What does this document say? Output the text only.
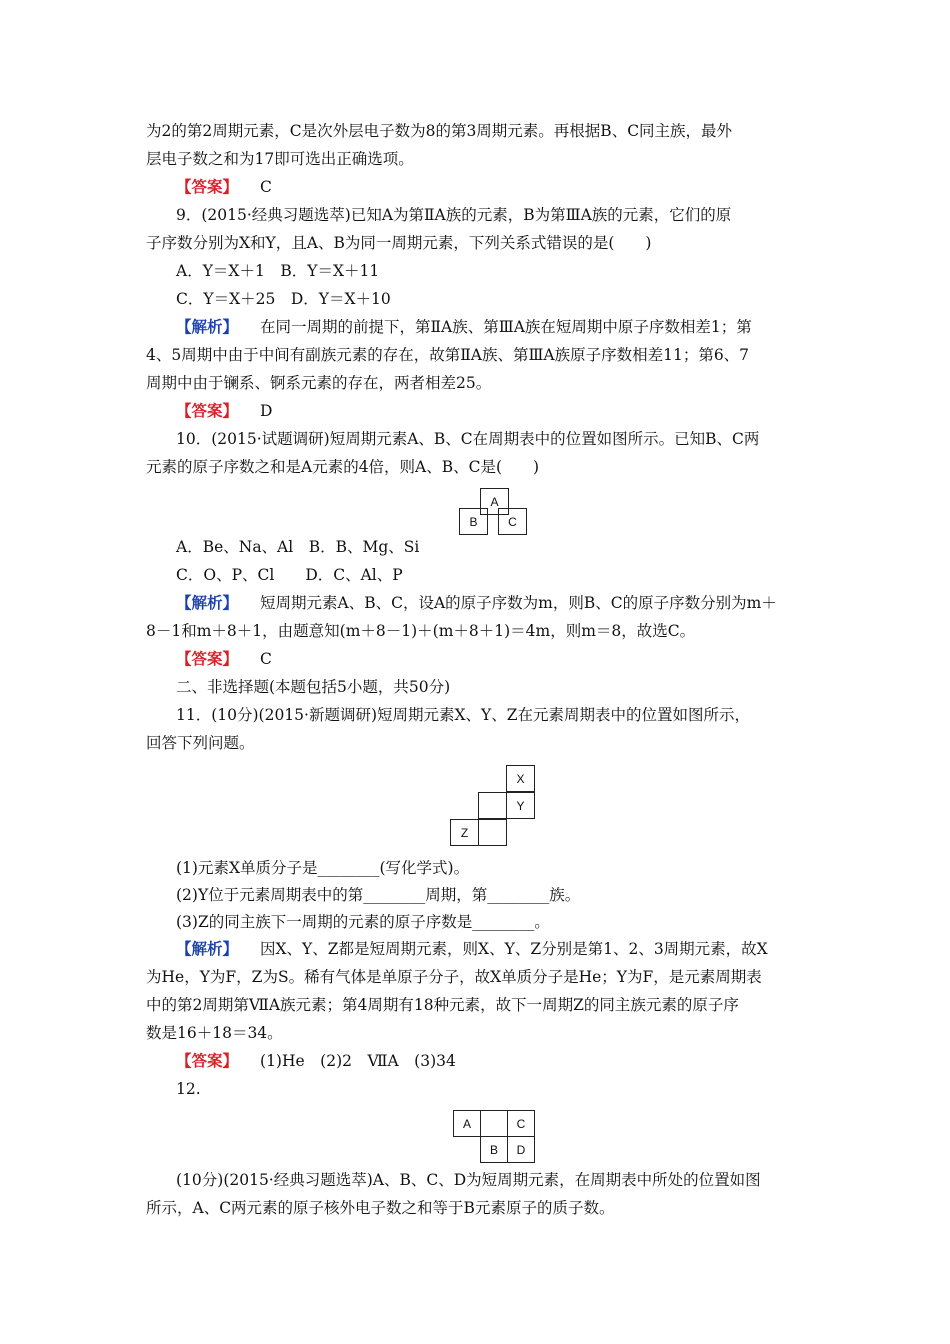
为2的第2周期元素，C是次外层电子数为8的第3周期元素。再根据B、C同主族，最外
层电子数之和为17即可选出正确选项。
【答案】 C
9．(2015·经典习题选萃)已知A为第ⅡA族的元素，B为第ⅢA族的元素，它们的原
子序数分别为X和Y，且A、B为同一周期元素，下列关系式错误的是(　　)
A．Y＝X＋1　B．Y＝X＋11
C．Y＝X＋25　D．Y＝X＋10
【解析】 在同一周期的前提下，第ⅡA族、第ⅢA族在短周期中原子序数相差1；第
4、5周期中由于中间有副族元素的存在，故第ⅡA族、第ⅢA族原子序数相差11；第6、7
周期中由于镧系、锕系元素的存在，两者相差25。
【答案】 D
10．(2015·试题调研)短周期元素A、B、C在周期表中的位置如图所示。已知B、C两
元素的原子序数之和是A元素的4倍，则A、B、C是(　　)
A
B	C
A．Be、Na、Al　B．B、Mg、Si
C．O、P、Cl　　D．C、Al、P
【解析】 短周期元素A、B、C，设A的原子序数为m，则B、C的原子序数分别为m＋
8－1和m＋8＋1，由题意知(m＋8－1)＋(m＋8＋1)＝4m，则m＝8，故选C。
【答案】 C
二、非选择题(本题包括5小题，共50分)
11．(10分)(2015·新题调研)短周期元素X、Y、Z在元素周期表中的位置如图所示，
回答下列问题。
X
Y
Z
(1)元素X单质分子是________(写化学式)。
(2)Y位于元素周期表中的第________周期，第________族。
(3)Z的同主族下一周期的元素的原子序数是________。
【解析】 因X、Y、Z都是短周期元素，则X、Y、Z分别是第1、2、3周期元素，故X
为He，Y为F，Z为S。稀有气体是单原子分子，故X单质分子是He；Y为F，是元素周期表
中的第2周期第ⅦA族元素；第4周期有18种元素，故下一周期Z的同主族元素的原子序
数是16＋18＝34。
【答案】 (1)He　(2)2　ⅦA　(3)34
12.
A	C
B D
(10分)(2015·经典习题选萃)A、B、C、D为短周期元素，在周期表中所处的位置如图
所示，A、C两元素的原子核外电子数之和等于B元素原子的质子数。
